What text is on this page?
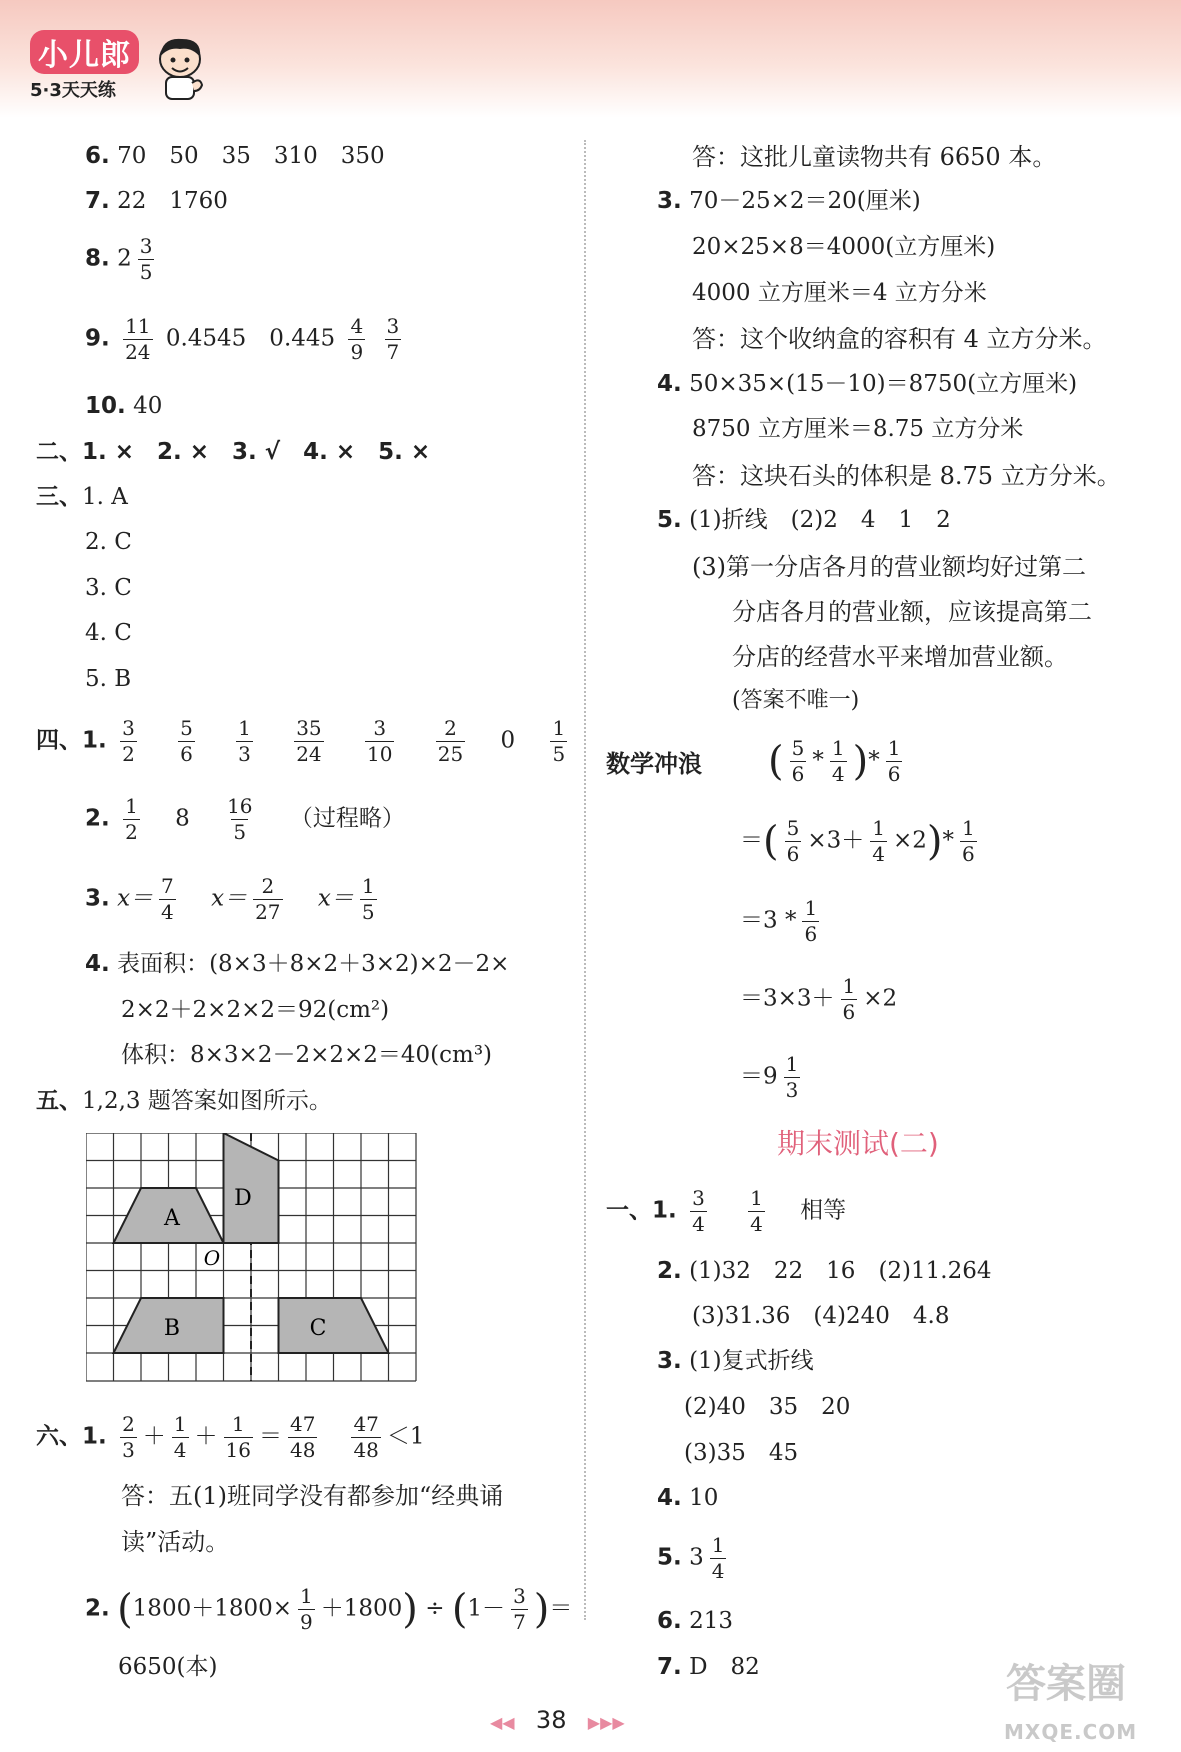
小儿郎
5·3天天练
6. 70　50　35　310　350
7. 22　1760
8. $2 \frac{3}{5}$
9. $\frac{11}{24} 0.4545$　$0.445 \frac{4}{9}$
$\frac{3}{7}$
10. 40
二、1. ×　2. ×　3. √　4. ×　5. ×
三、1. A
2. C
3. C
4. C
5. B
四、1. $\frac{3}{2}$
$\frac{5}{6}$
$\frac{1}{3}$
$\frac{35}{24}$
$\frac{3}{10}$
$\frac{2}{25} 0 \frac{1}{5}$
2. $\frac{1}{2} 8 \frac{16}{5}$ （过程略）
3. $x= \frac{7}{4} x= \frac{2}{27} x= \frac{1}{5}$
4. 表面积：(8×3＋8×2＋3×2)×2－2×
2×2＋2×2×2＝92(cm²)
体积：8×3×2－2×2×2＝40(cm³)
五、1,2,3 题答案如图所示。
A
D
B	C
O
六、1. $\frac{2}{3} + \frac{1}{4} + \frac{1}{16} = \frac{47}{48} \frac{47}{48} <1$
答：五(1)班同学没有都参加“经典诵
读”活动。
2. $(1800+1800\times \frac{1}{9} +1800) \div (1- \frac{3}{7}$ )＝
6650(本)
答：这批儿童读物共有 6650 本。
3. 70－25×2＝20(厘米)
20×25×8＝4000(立方厘米)
4000 立方厘米＝4 立方分米
答：这个收纳盒的容积有 4 立方分米。
4. 50×35×(15－10)＝8750(立方厘米)
8750 立方厘米＝8.75 立方分米
答：这块石头的体积是 8.75 立方分米。
5. (1)折线　(2)2　4　1　2
(3)第一分店各月的营业额均好过第二
分店各月的营业额，应该提高第二
分店的经营水平来增加营业额。
(答案不唯一)
数学冲浪 ( $\frac{5}{6} * \frac{1}{4}$ )* $\frac{1}{6}$
＝( $\frac{5}{6} \times 3+ \frac{1}{4} \times 2)* \frac{1}{6}$
$=3 * \frac{1}{6}$
$=3\times 3+ \frac{1}{6} \times 2$
$=9 \frac{1}{3}$
期末测试(二)
一、1. $\frac{3}{4}$
$\frac{1}{4}$ 相等
2. (1)32　22　16　(2)11.264
(3)31.36　(4)240　4.8
3. (1)复式折线
(2)40　35　20
(3)35　45
4. 10
5. $3 \frac{1}{4}$
6. 213
7. D　82
◀◀ 38 ▶▶▶
答案圈
MXQE.COM
